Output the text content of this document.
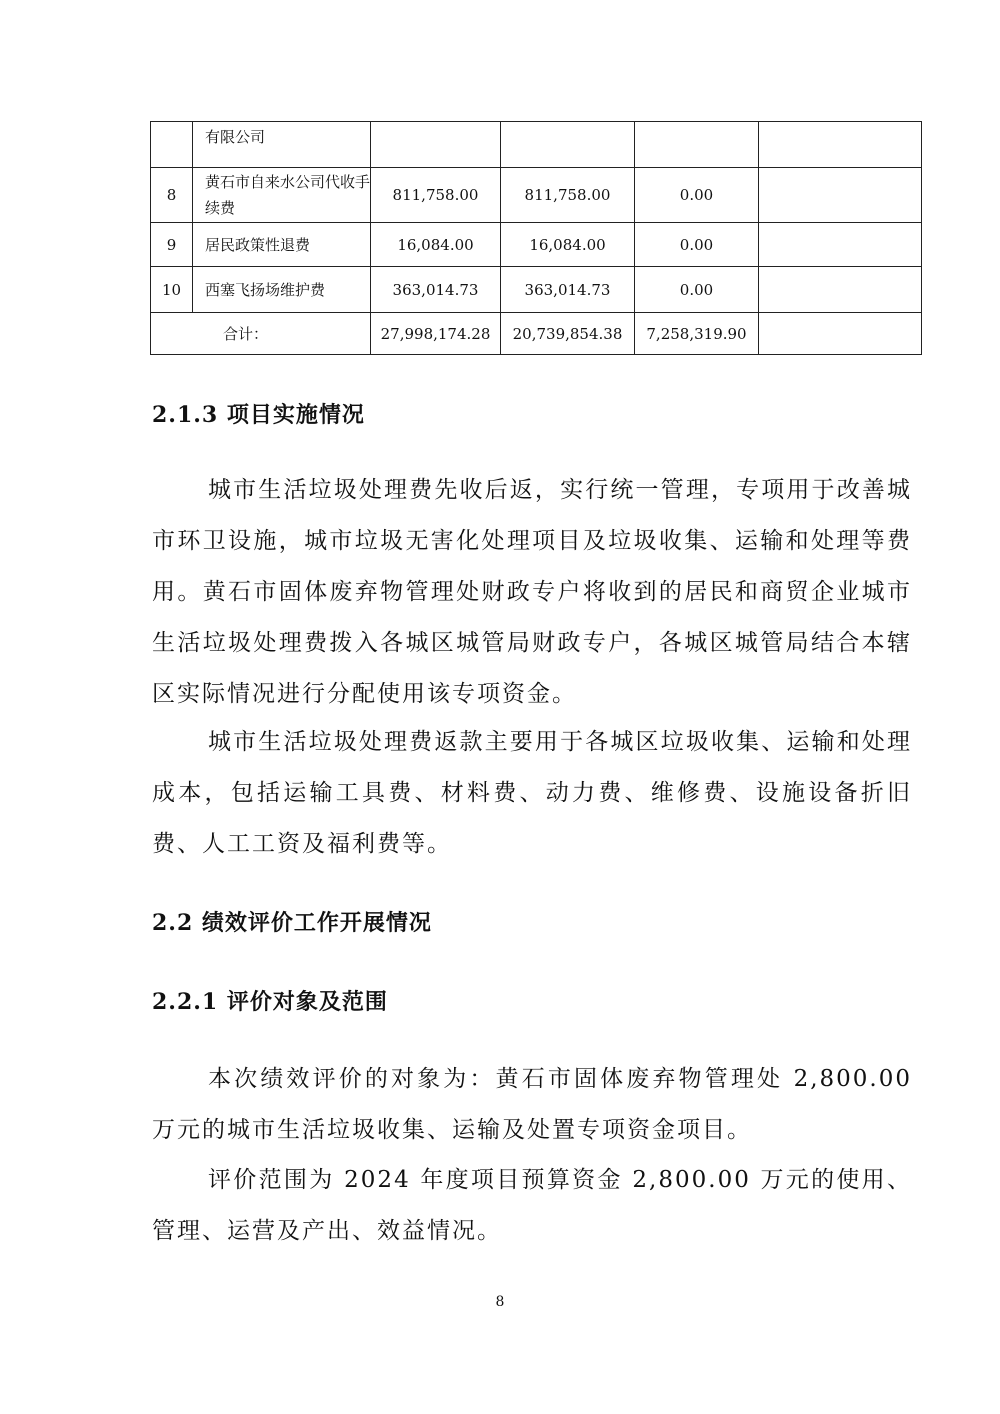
	有限公司				
8	黄石市自来水公司代收手续费	811,758.00	811,758.00	0.00	
9	居民政策性退费	16,084.00	16,084.00	0.00	
10	西塞飞扬场维护费	363,014.73	363,014.73	0.00	
合计：		27,998,174.28	20,739,854.38	7,258,319.90	
2.1.3 项目实施情况

城市生活垃圾处理费先收后返，实行统一管理，专项用于改善城市环卫设施，城市垃圾无害化处理项目及垃圾收集、运输和处理等费用。黄石市固体废弃物管理处财政专户将收到的居民和商贸企业城市生活垃圾处理费拨入各城区城管局财政专户，各城区城管局结合本辖区实际情况进行分配使用该专项资金。

城市生活垃圾处理费返款主要用于各城区垃圾收集、运输和处理成本，包括运输工具费、材料费、动力费、维修费、设施设备折旧费、人工工资及福利费等。

2.2 绩效评价工作开展情况
2.2.1 评价对象及范围

本次绩效评价的对象为：黄石市固体废弃物管理处 2,800.00 万元的城市生活垃圾收集、运输及处置专项资金项目。

评价范围为 2024 年度项目预算资金 2,800.00 万元的使用、管理、运营及产出、效益情况。

8
